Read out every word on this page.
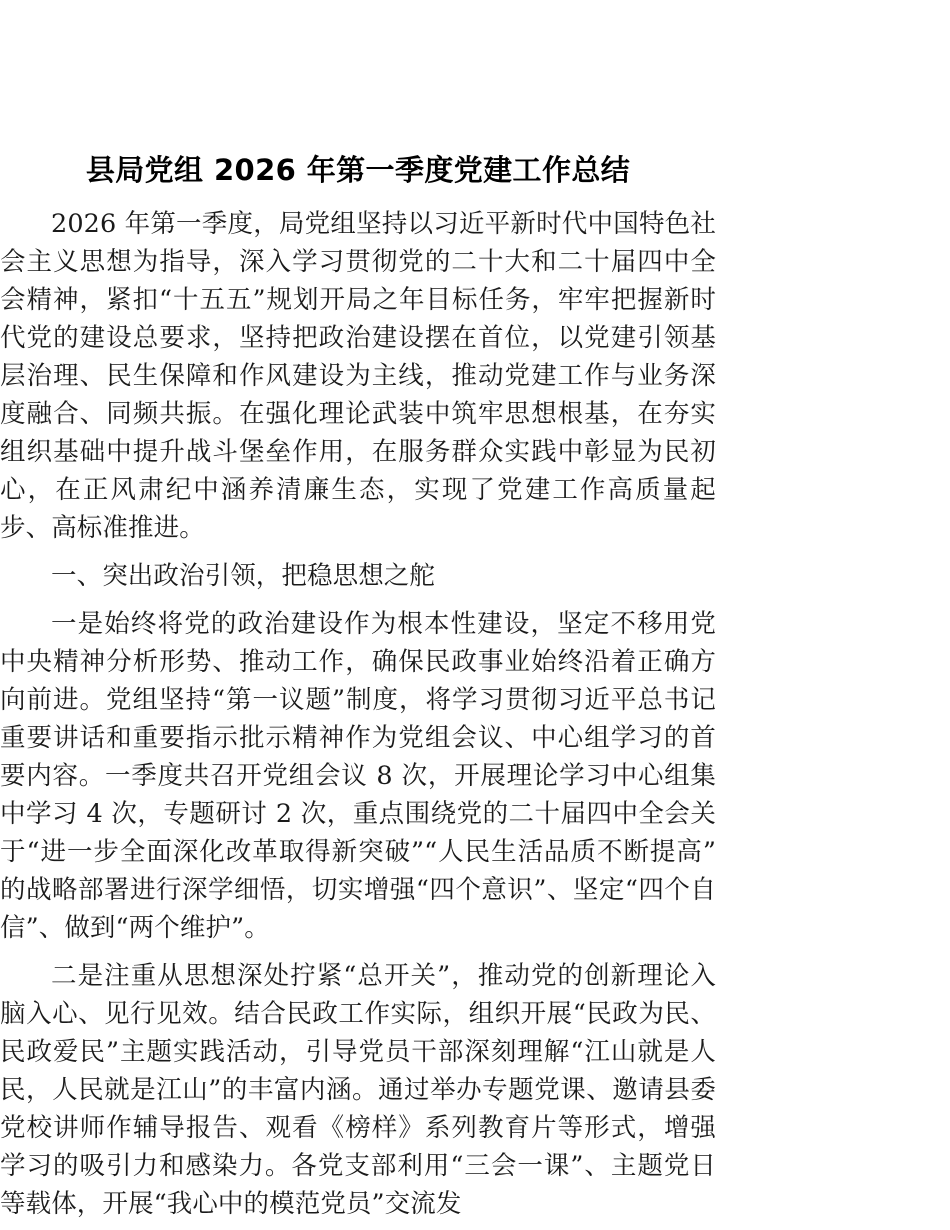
县局党组 2026 年第一季度党建工作总结

2026 年第一季度，局党组坚持以习近平新时代中国特色社会主义思想为指导，深入学习贯彻党的二十大和二十届四中全会精神，紧扣“十五五”规划开局之年目标任务，牢牢把握新时代党的建设总要求，坚持把政治建设摆在首位，以党建引领基层治理、民生保障和作风建设为主线，推动党建工作与业务深度融合、同频共振。在强化理论武装中筑牢思想根基，在夯实组织基础中提升战斗堡垒作用，在服务群众实践中彰显为民初心，在正风肃纪中涵养清廉生态，实现了党建工作高质量起步、高标准推进。

一、突出政治引领，把稳思想之舵

一是始终将党的政治建设作为根本性建设，坚定不移用党中央精神分析形势、推动工作，确保民政事业始终沿着正确方向前进。党组坚持“第一议题”制度，将学习贯彻习近平总书记重要讲话和重要指示批示精神作为党组会议、中心组学习的首要内容。一季度共召开党组会议 8 次，开展理论学习中心组集中学习 4 次，专题研讨 2 次，重点围绕党的二十届四中全会关于“进一步全面深化改革取得新突破”“人民生活品质不断提高”的战略部署进行深学细悟，切实增强“四个意识”、坚定“四个自信”、做到“两个维护”。

二是注重从思想深处拧紧“总开关”，推动党的创新理论入脑入心、见行见效。结合民政工作实际，组织开展“民政为民、民政爱民”主题实践活动，引导党员干部深刻理解“江山就是人民，人民就是江山”的丰富内涵。通过举办专题党课、邀请县委党校讲师作辅导报告、观看《榜样》系列教育片等形式，增强学习的吸引力和感染力。各党支部利用“三会一课”、主题党日等载体，开展“我心中的模范党员”交流发
